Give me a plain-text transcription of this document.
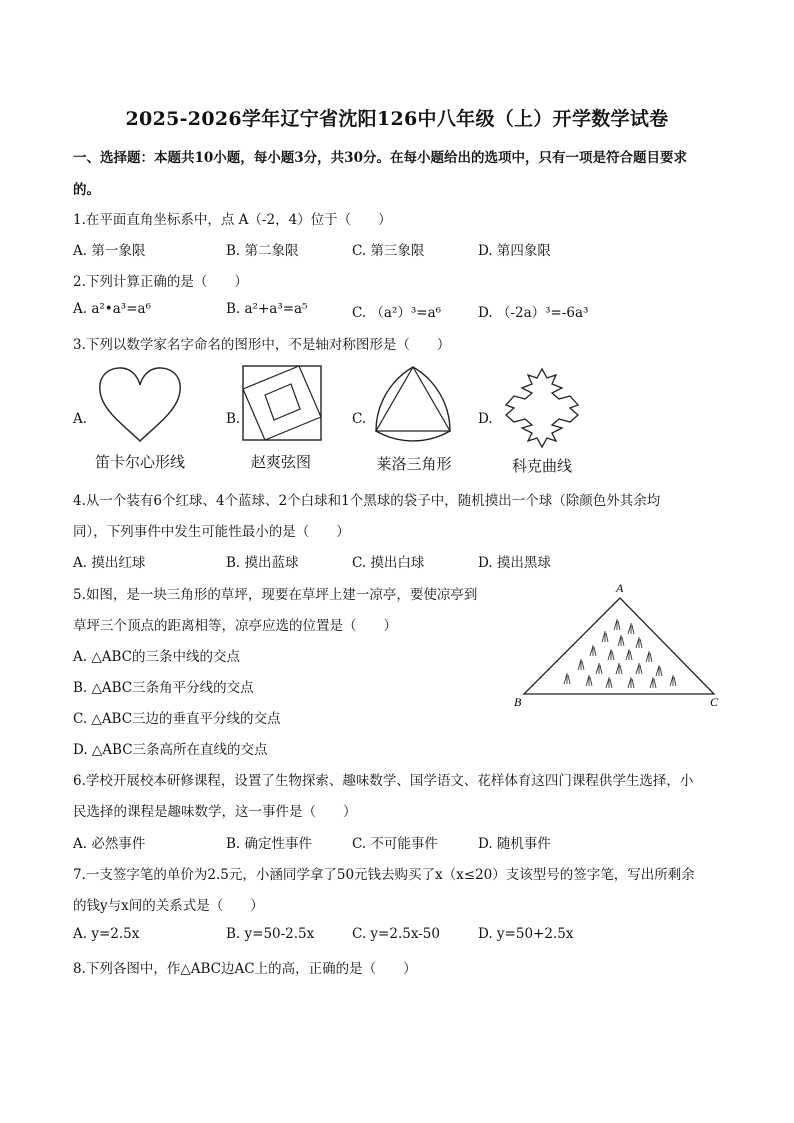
2025-2026学年辽宁省沈阳126中八年级（上）开学数学试卷
一、选择题：本题共10小题，每小题3分，共30分。在每小题给出的选项中，只有一项是符合题目要求
的。
1.在平面直角坐标系中，点 A（-2，4）位于（　　）
A. 第一象限	B. 第二象限	C. 第三象限	D. 第四象限
2.下列计算正确的是（　　）
A. a²•a³=a⁶	B. a²+a³=a⁵	C. （a²）³=a⁶	D. （-2a）³=-6a³
3.下列以数学家名字命名的图形中，不是轴对称图形是（　　）
A.
笛卡尔心形线
B.
赵爽弦图
C.
莱洛三角形
D.
科克曲线
4.从一个装有6个红球、4个蓝球、2个白球和1个黑球的袋子中，随机摸出一个球（除颜色外其余均
同），下列事件中发生可能性最小的是（　　）
A. 摸出红球	B. 摸出蓝球	C. 摸出白球	D. 摸出黑球
5.如图，是一块三角形的草坪，现要在草坪上建一凉亭，要使凉亭到
草坪三个顶点的距离相等，凉亭应选的位置是（　　）
A. △ABC的三条中线的交点
B. △ABC三条角平分线的交点
C. △ABC三边的垂直平分线的交点
D. △ABC三条高所在直线的交点
A
B	C
6.学校开展校本研修课程，设置了生物探索、趣味数学、国学语文、花样体育这四门课程供学生选择，小
民选择的课程是趣味数学，这一事件是（　　）
A. 必然事件	B. 确定性事件	C. 不可能事件	D. 随机事件
7.一支签字笔的单价为2.5元，小涵同学拿了50元钱去购买了x（x≤20）支该型号的签字笔，写出所剩余
的钱y与x间的关系式是（　　）
A. y=2.5x	B. y=50-2.5x	C. y=2.5x-50	D. y=50+2.5x
8.下列各图中，作△ABC边AC上的高，正确的是（　　）
